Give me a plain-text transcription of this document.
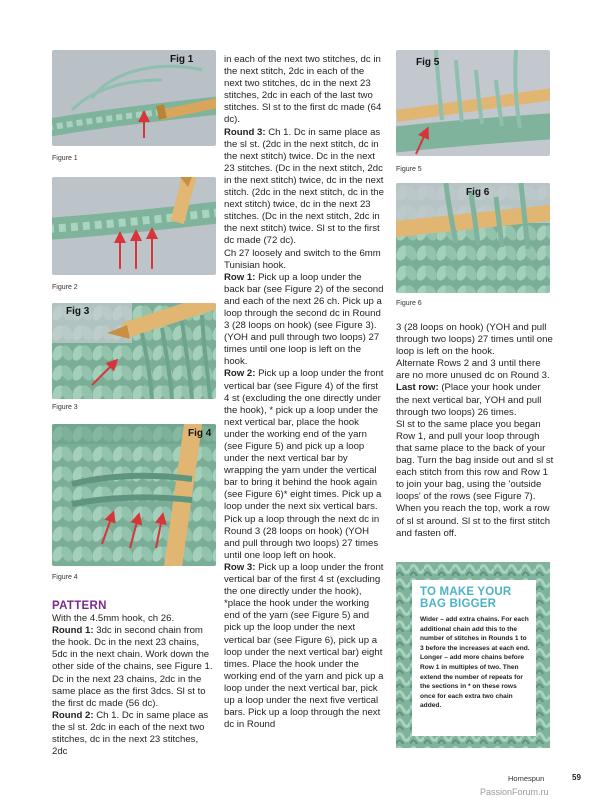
Fig 1
Figure 1
Figure 2
Fig 3
Figure 3
Fig 4
Figure 4
Fig 5
Figure 5
Fig 6
Figure 6
PATTERN

With the 4.5mm hook, ch 26.

Round 1: 3dc in second chain from the hook. Dc in the next 23 chains, 5dc in the next chain. Work down the other side of the chains, see Figure 1. Dc in the next 23 chains, 2dc in the same place as the first 3dcs. Sl st to the first dc made (56 dc).

Round 2: Ch 1. Dc in same place as the sl st. 2dc in each of the next two stitches, dc in the next 23 stitches, 2dc

in each of the next two stitches, dc in the next stitch, 2dc in each of the next two stitches, dc in the next 23 stitches, 2dc in each of the last two stitches. Sl st to the first dc made (64 dc).

Round 3: Ch 1. Dc in same place as the sl st. (2dc in the next stitch, dc in the next stitch) twice. Dc in the next 23 stitches. (Dc in the next stitch, 2dc in the next stitch) twice, dc in the next stitch. (2dc in the next stitch, dc in the next stitch) twice, dc in the next 23 stitches. (Dc in the next stitch, 2dc in the next stitch) twice. Sl st to the first dc made (72 dc).

Ch 27 loosely and switch to the 6mm Tunisian hook.

Row 1: Pick up a loop under the back bar (see Figure 2) of the second and each of the next 26 ch. Pick up a loop through the second dc in Round 3 (28 loops on hook) (see Figure 3). (YOH and pull through two loops) 27 times until one loop is left on the hook.

Row 2: Pick up a loop under the front vertical bar (see Figure 4) of the first 4 st (excluding the one directly under the hook), * pick up a loop under the next vertical bar, place the hook under the working end of the yarn (see Figure 5) and pick up a loop under the next vertical bar by wrapping the yarn under the vertical bar to bring it behind the hook again (see Figure 6)* eight times. Pick up a loop under the next six vertical bars. Pick up a loop through the next dc in Round 3 (28 loops on hook) (YOH and pull through two loops) 27 times until one loop left on hook.

Row 3: Pick up a loop under the front vertical bar of the first 4 st (excluding the one directly under the hook), *place the hook under the working end of the yarn (see Figure 5) and pick up the loop under the next vertical bar (see Figure 6), pick up a loop under the next vertical bar) eight times. Place the hook under the working end of the yarn and pick up a loop under the next vertical bar, pick up a loop under the next five vertical bars. Pick up a loop through the next dc in Round

3 (28 loops on hook) (YOH and pull through two loops) 27 times until one loop is left on the hook.

Alternate Rows 2 and 3 until there are no more unused dc on Round 3.

Last row: (Place your hook under the next vertical bar, YOH and pull through two loops) 26 times.

Sl st to the same place you began Row 1, and pull your loop through that same place to the back of your bag. Turn the bag inside out and sl st each stitch from this row and Row 1 to join your bag, using the 'outside loops' of the rows (see Figure 7).

When you reach the top, work a row of sl st around. Sl st to the first stitch and fasten off.

TO MAKE YOUR
BAG BIGGER

Wider – add extra chains. For each additional chain add this to the number of stitches in Rounds 1 to 3 before the increases at each end.

Longer – add more chains before Row 1 in multiples of two. Then extend the number of repeats for the sections in * on these rows once for each extra two chain added.

Homespun	59
PassionForum.ru
